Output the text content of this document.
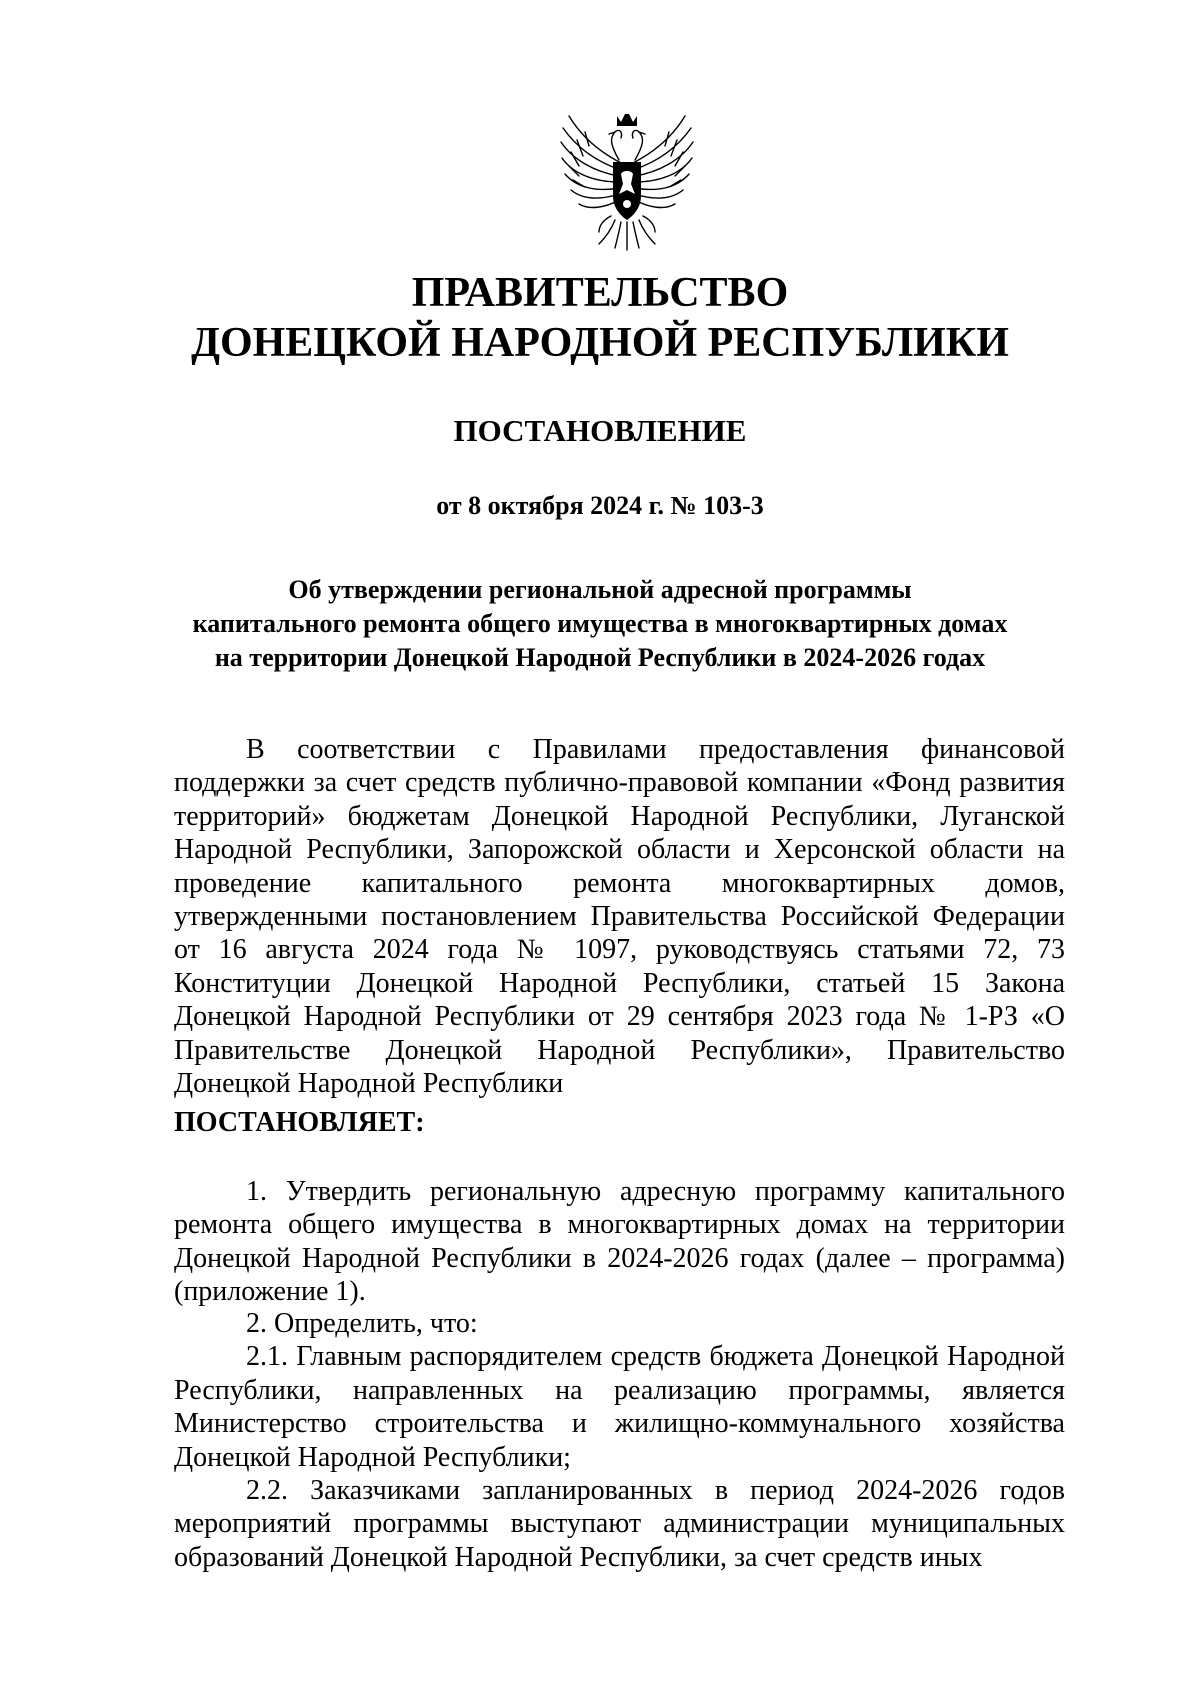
ПРАВИТЕЛЬСТВО
ДОНЕЦКОЙ НАРОДНОЙ РЕСПУБЛИКИ
ПОСТАНОВЛЕНИЕ
от 8 октября 2024 г. № 103-3
Об утверждении региональной адресной программы
капитального ремонта общего имущества в многоквартирных домах
на территории Донецкой Народной Республики в 2024-2026 годах

В соответствии с Правилами предоставления финансовой поддержки за счет средств публично-правовой компании «Фонд развития территорий» бюджетам Донецкой Народной Республики, Луганской Народной Республики, Запорожской области и Херсонской области на проведение капитального ремонта многоквартирных домов, утвержденными постановлением Правительства Российской Федерации от 16 августа 2024 года № 1097, руководствуясь статьями 72, 73 Конституции Донецкой Народной Республики, статьей 15 Закона Донецкой Народной Республики от 29 сентября 2023 года № 1-РЗ «О Правительстве Донецкой Народной Республики», Правительство Донецкой Народной Республики

ПОСТАНОВЛЯЕТ:

1. Утвердить региональную адресную программу капитального ремонта общего имущества в многоквартирных домах на территории Донецкой Народной Республики в 2024-2026 годах (далее – программа) (приложение 1).

2. Определить, что:

2.1. Главным распорядителем средств бюджета Донецкой Народной Республики, направленных на реализацию программы, является Министерство строительства и жилищно-коммунального хозяйства Донецкой Народной Республики;

2.2. Заказчиками запланированных в период 2024-2026 годов мероприятий программы выступают администрации муниципальных образований Донецкой Народной Республики, за счет средств иных
